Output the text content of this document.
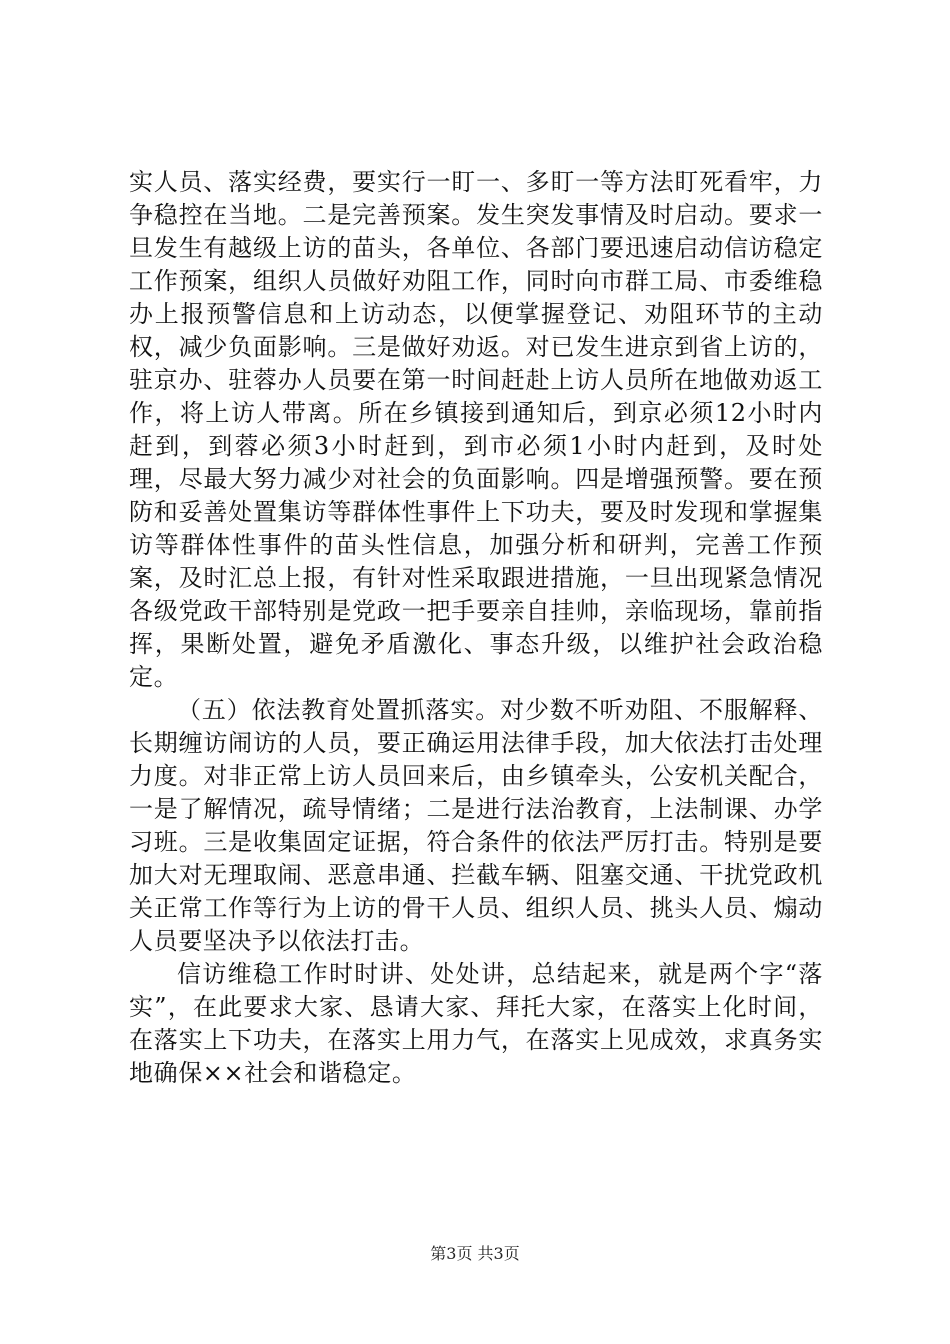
实人员、落实经费，要实行一盯一、多盯一等方法盯死看牢，力争稳控在当地。二是完善预案。发生突发事情及时启动。要求一旦发生有越级上访的苗头，各单位、各部门要迅速启动信访稳定工作预案，组织人员做好劝阻工作，同时向市群工局、市委维稳办上报预警信息和上访动态，以便掌握登记、劝阻环节的主动权，减少负面影响。三是做好劝返。对已发生进京到省上访的，驻京办、驻蓉办人员要在第一时间赶赴上访人员所在地做劝返工作，将上访人带离。所在乡镇接到通知后，到京必须12小时内赶到，到蓉必须3小时赶到，到市必须1小时内赶到，及时处理，尽最大努力减少对社会的负面影响。四是增强预警。要在预防和妥善处置集访等群体性事件上下功夫，要及时发现和掌握集访等群体性事件的苗头性信息，加强分析和研判，完善工作预案，及时汇总上报，有针对性采取跟进措施，一旦出现紧急情况各级党政干部特别是党政一把手要亲自挂帅，亲临现场，靠前指挥，果断处置，避免矛盾激化、事态升级，以维护社会政治稳定。

（五）依法教育处置抓落实。对少数不听劝阻、不服解释、长期缠访闹访的人员，要正确运用法律手段，加大依法打击处理力度。对非正常上访人员回来后，由乡镇牵头，公安机关配合，一是了解情况，疏导情绪；二是进行法治教育，上法制课、办学习班。三是收集固定证据，符合条件的依法严厉打击。特别是要加大对无理取闹、恶意串通、拦截车辆、阻塞交通、干扰党政机关正常工作等行为上访的骨干人员、组织人员、挑头人员、煽动人员要坚决予以依法打击。

信访维稳工作时时讲、处处讲，总结起来，就是两个字“落实”，在此要求大家、恳请大家、拜托大家，在落实上化时间，在落实上下功夫，在落实上用力气，在落实上见成效，求真务实地确保××社会和谐稳定。

第3页 共3页
